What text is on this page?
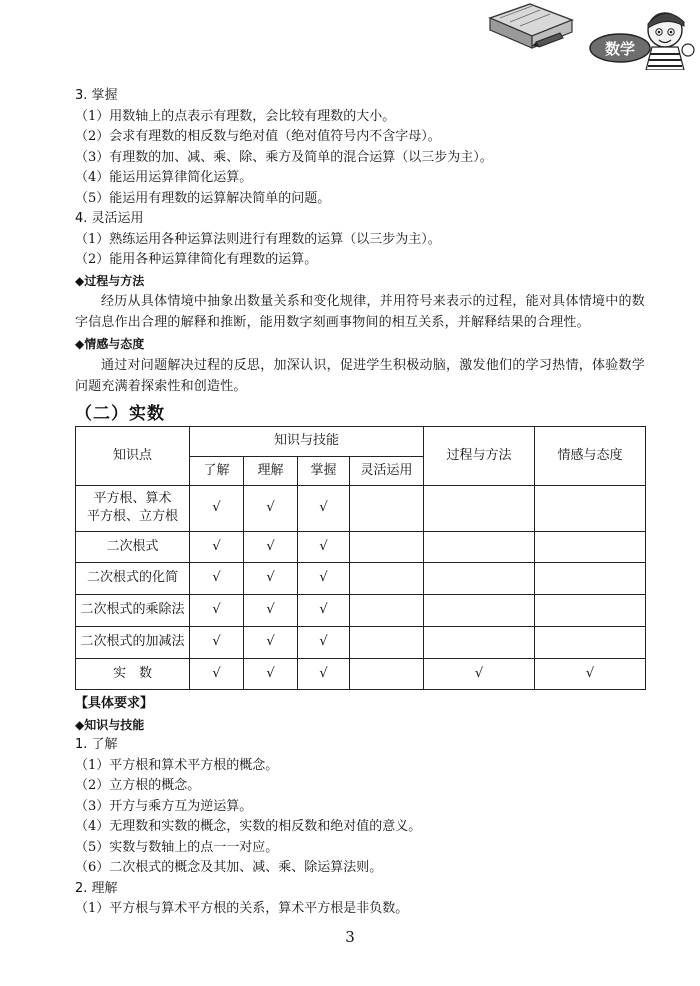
数学
3. 掌握
（1）用数轴上的点表示有理数，会比较有理数的大小。
（2）会求有理数的相反数与绝对值（绝对值符号内不含字母）。
（3）有理数的加、减、乘、除、乘方及简单的混合运算（以三步为主）。
（4）能运用运算律简化运算。
（5）能运用有理数的运算解决简单的问题。
4. 灵活运用
（1）熟练运用各种运算法则进行有理数的运算（以三步为主）。
（2）能用各种运算律简化有理数的运算。
◆过程与方法
经历从具体情境中抽象出数量关系和变化规律，并用符号来表示的过程，能对具体情境中的数字信息作出合理的解释和推断，能用数字刻画事物间的相互关系，并解释结果的合理性。
◆情感与态度
通过对问题解决过程的反思，加深认识，促进学生积极动脑，激发他们的学习热情，体验数学问题充满着探索性和创造性。
（二）实数
知识点	知识与技能				过程与方法	情感与态度
	了解	理解	掌握	灵活运用		

平方根、算术
平方根、立方根	√	√	√			
二次根式	√	√	√			
二次根式的化简	√	√	√			
二次根式的乘除法	√	√	√			
二次根式的加减法	√	√	√			
实　数	√	√	√		√	√
【具体要求】
◆知识与技能
1. 了解
（1）平方根和算术平方根的概念。
（2）立方根的概念。
（3）开方与乘方互为逆运算。
（4）无理数和实数的概念，实数的相反数和绝对值的意义。
（5）实数与数轴上的点一一对应。
（6）二次根式的概念及其加、减、乘、除运算法则。
2. 理解
（1）平方根与算术平方根的关系，算术平方根是非负数。
3
